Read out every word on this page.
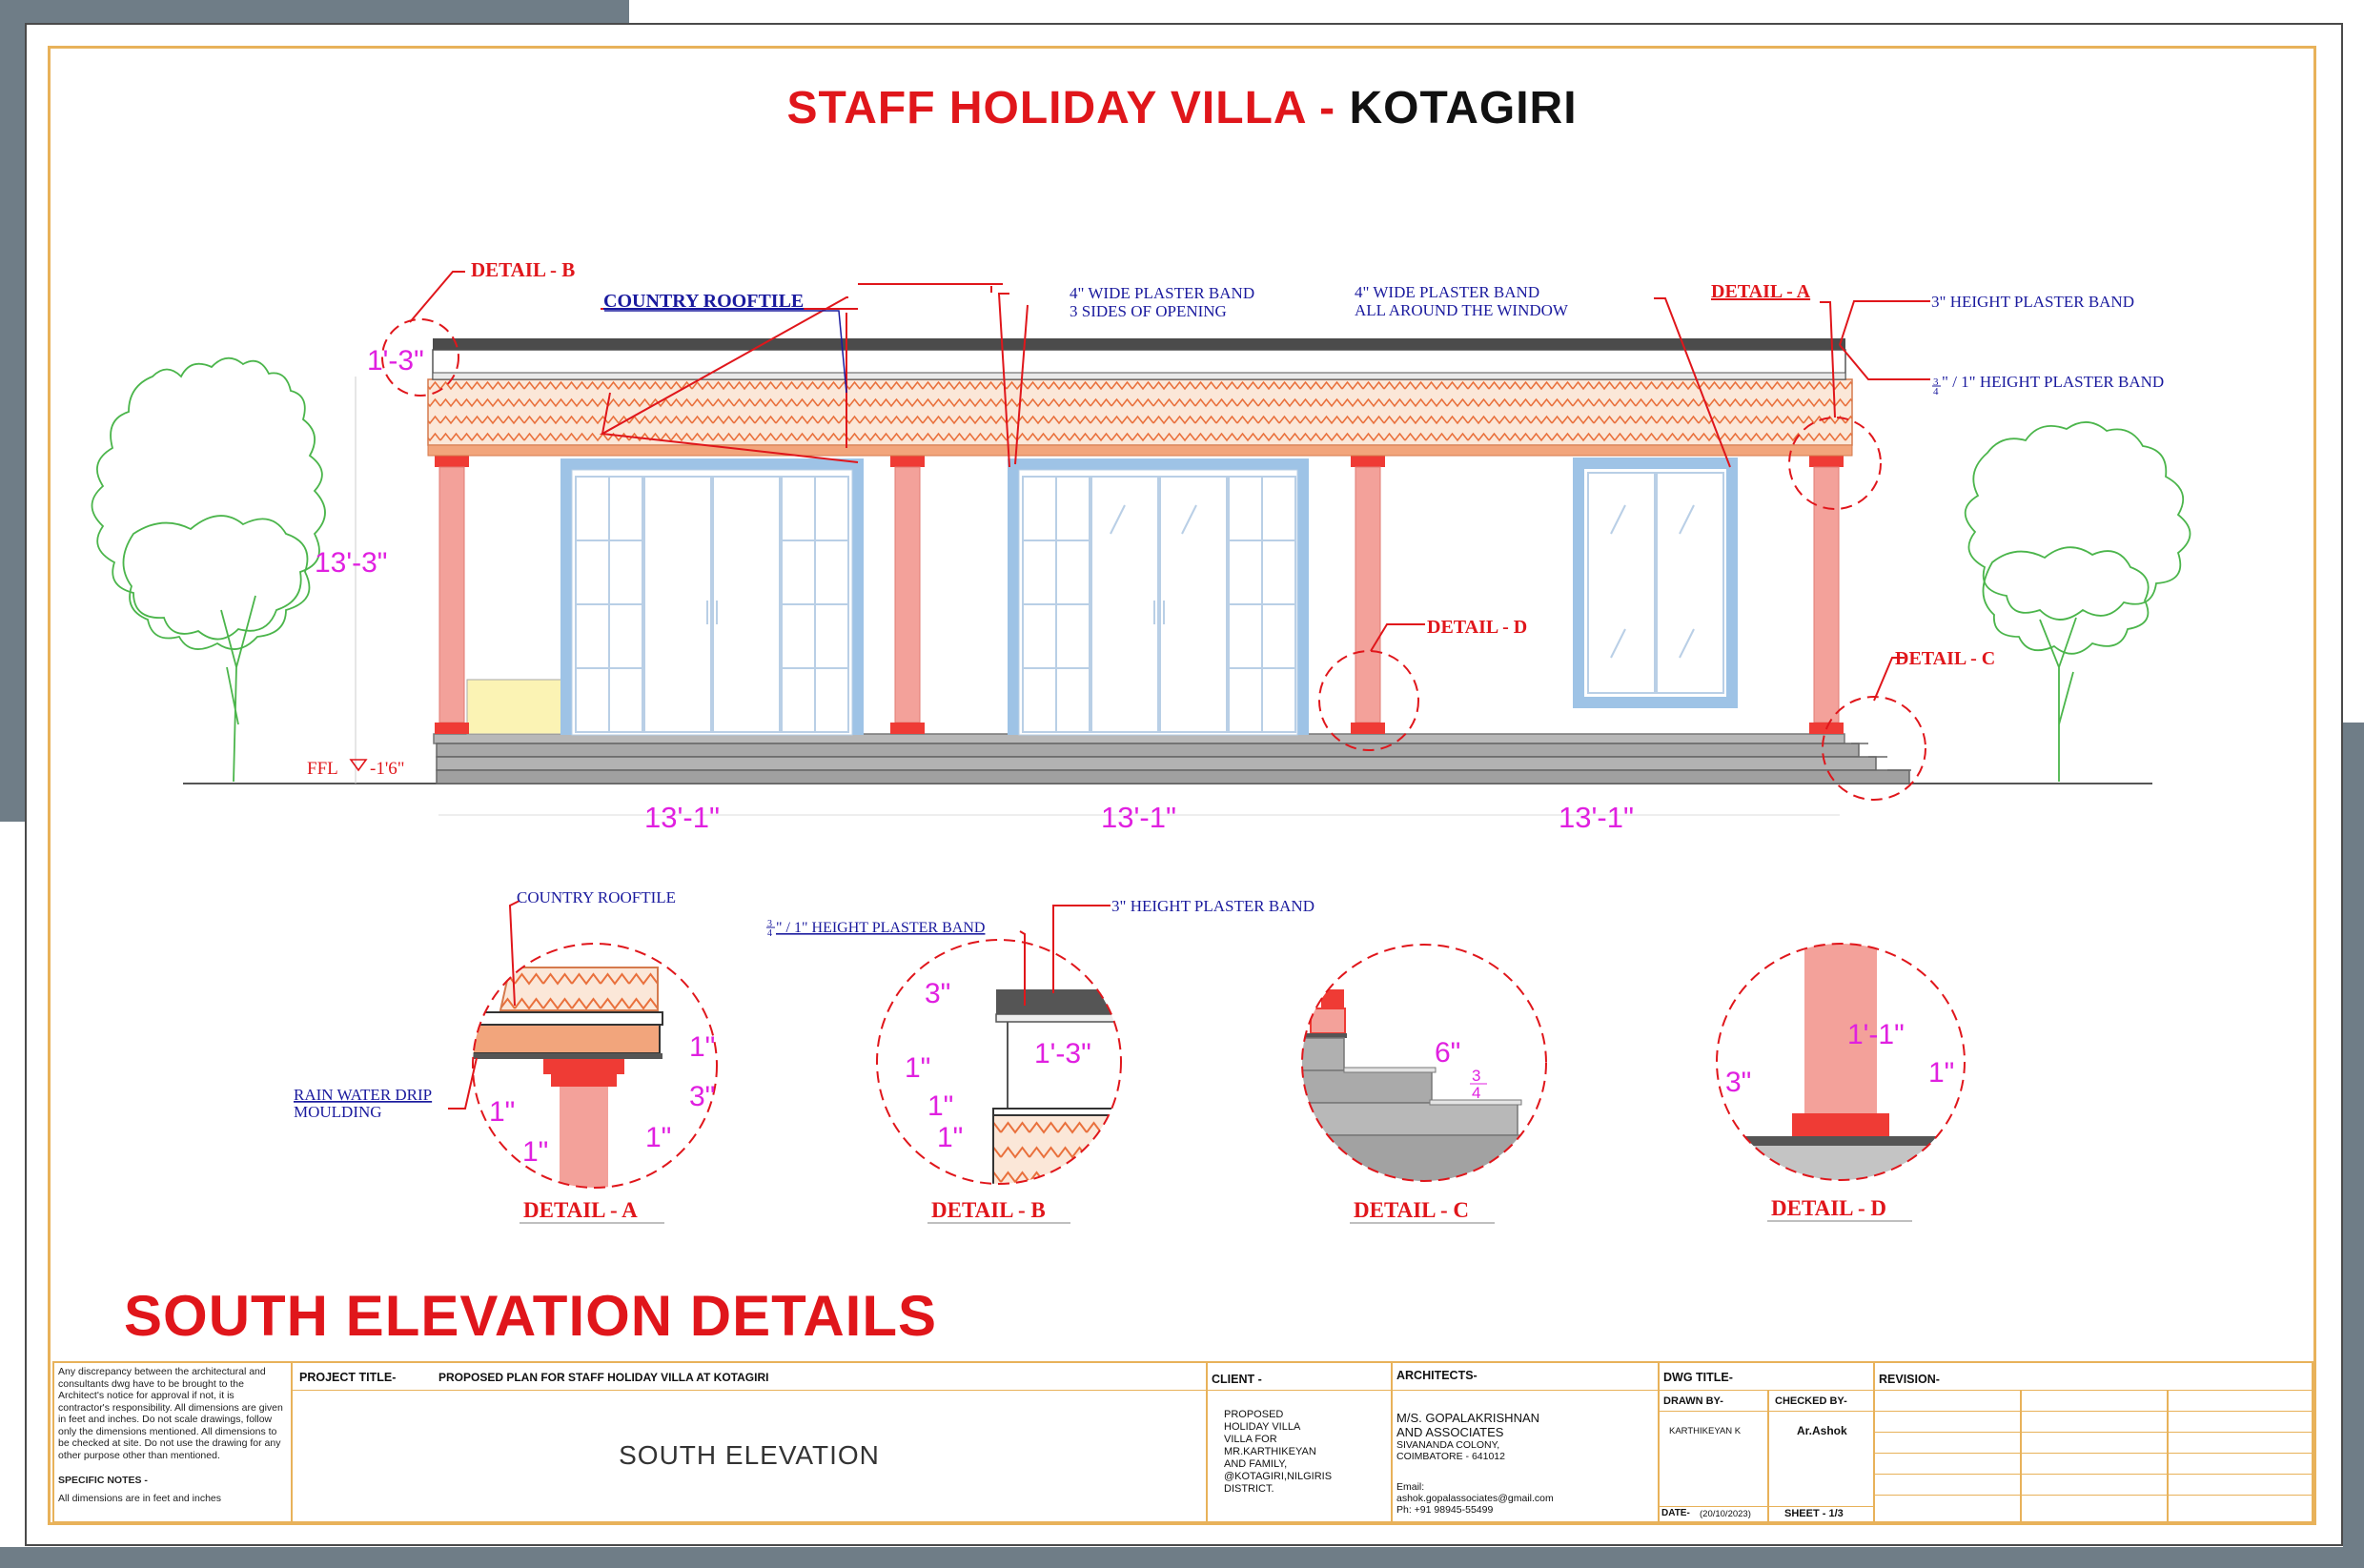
STAFF HOLIDAY VILLA - KOTAGIRI
DETAIL - B
COUNTRY ROOFTILE	4" WIDE PLASTER BAND
3 SIDES OF OPENING
4" WIDE PLASTER BAND
ALL AROUND THE WINDOW
DETAIL - A	3" HEIGHT PLASTER BAND
3
4
" / 1" HEIGHT PLASTER BAND
DETAIL - D
DETAIL - C
FFL -1'6"
1'-3"
13'-3"
13'-1"	13'-1"	13'-1"
COUNTRY ROOFTILE
RAIN WATER DRIP
MOULDING
1"
3"
1"
1"
1"
DETAIL - A
3
4 " / 1" HEIGHT PLASTER BAND
3" HEIGHT PLASTER BAND
3"
1'-3"
1"
1"
1"
DETAIL - B
6"
3
4
DETAIL - C
1'-1"
3"	1"
DETAIL - D
SOUTH ELEVATION DETAILS
Any discrepancy between the architectural and consultants dwg have to be brought to the Architect's notice for approval if not, it is contractor's responsibility. All dimensions are given in feet and inches. Do not scale drawings, follow only the dimensions mentioned. All dimensions to be checked at site. Do not use the drawing for any other purpose other than mentioned.
SPECIFIC NOTES -
All dimensions are in feet and inches
PROJECT TITLE-	PROPOSED PLAN FOR STAFF HOLIDAY VILLA AT KOTAGIRI
SOUTH ELEVATION
CLIENT -
PROPOSED
HOLIDAY VILLA
VILLA FOR
MR.KARTHIKEYAN
AND FAMILY,
@KOTAGIRI,NILGIRIS
DISTRICT.
ARCHITECTS-
M/S. GOPALAKRISHNAN
AND ASSOCIATES
SIVANANDA COLONY,
COIMBATORE - 641012
Email:
ashok.gopalassociates@gmail.com
Ph: +91 98945-55499
DWG TITLE-
DRAWN BY-	CHECKED BY-
KARTHIKEYAN K	Ar.Ashok
DATE- (20/10/2023)	SHEET - 1/3
REVISION-
